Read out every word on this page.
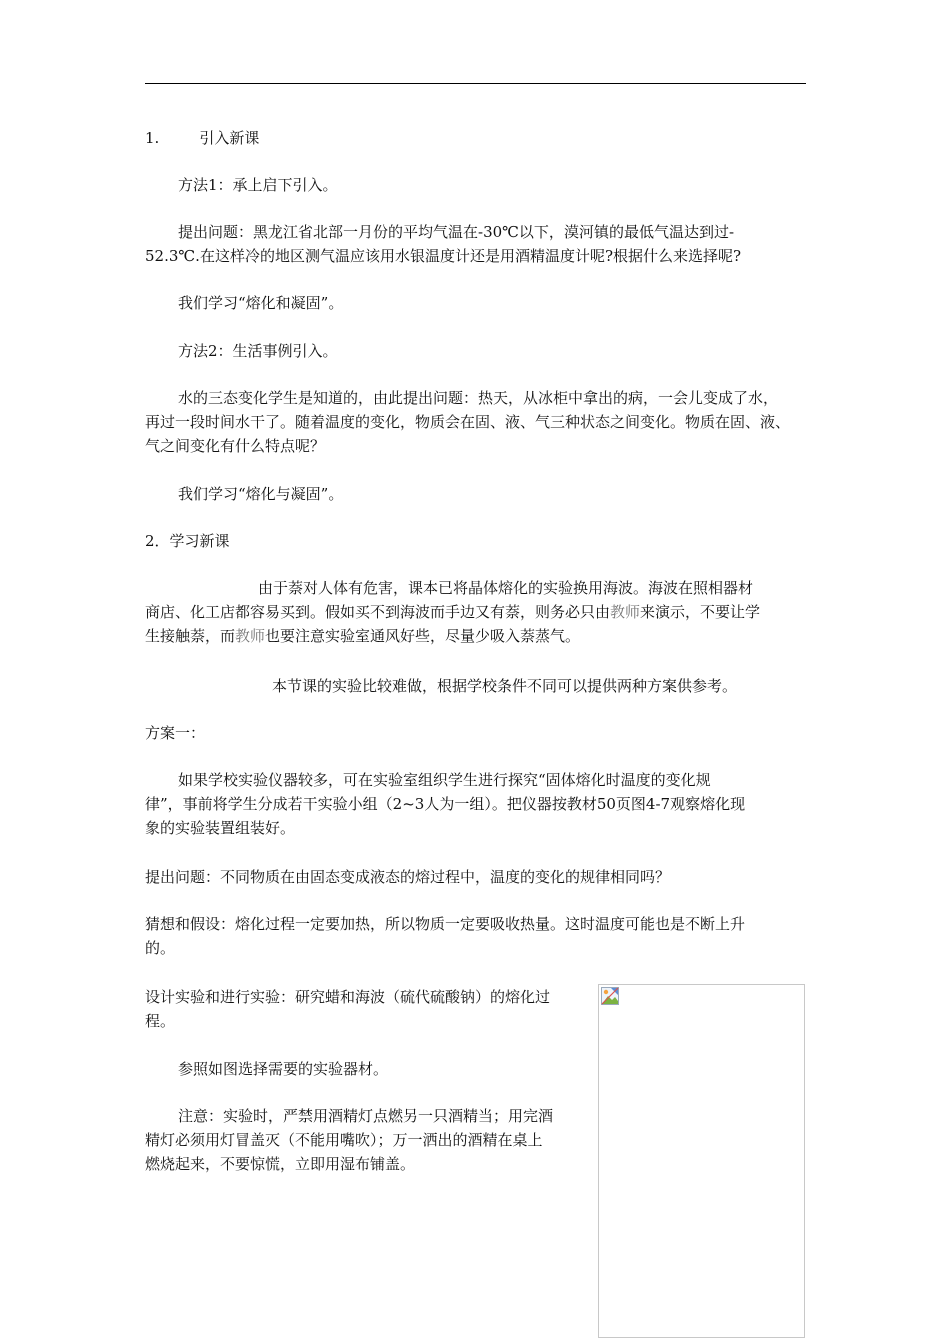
1.	引入新课

方法1：承上启下引入。

提出问题：黑龙江省北部一月份的平均气温在-30℃以下，漠河镇的最低气温达到过-

52.3℃.在这样冷的地区测气温应该用水银温度计还是用酒精温度计呢?根据什么来选择呢?

我们学习“熔化和凝固”。

方法2：生活事例引入。

水的三态变化学生是知道的，由此提出问题：热天，从冰柜中拿出的病，一会儿变成了水，

再过一段时间水干了。随着温度的变化，物质会在固、液、气三种状态之间变化。物质在固、液、

气之间变化有什么特点呢？

我们学习“熔化与凝固”。

2．学习新课

由于萘对人体有危害，课本已将晶体熔化的实验换用海波。海波在照相器材

商店、化工店都容易买到。假如买不到海波而手边又有萘，则务必只由教师来演示，不要让学

生接触萘，而教师也要注意实验室通风好些，尽量少吸入萘蒸气。

本节课的实验比较难做，根据学校条件不同可以提供两种方案供参考。

方案一：

如果学校实验仪器较多，可在实验室组织学生进行探究“固体熔化时温度的变化规

律”，事前将学生分成若干实验小组（2~3人为一组）。把仪器按教材50页图4-7观察熔化现

象的实验装置组装好。

提出问题：不同物质在由固态变成液态的熔过程中，温度的变化的规律相同吗？

猜想和假设：熔化过程一定要加热，所以物质一定要吸收热量。这时温度可能也是不断上升

的。

设计实验和进行实验：研究蜡和海波（硫代硫酸钠）的熔化过

程。

参照如图选择需要的实验器材。

注意：实验时，严禁用酒精灯点燃另一只酒精当；用完酒

精灯必须用灯冒盖灭（不能用嘴吹）；万一洒出的酒精在桌上

燃烧起来，不要惊慌，立即用湿布铺盖。
